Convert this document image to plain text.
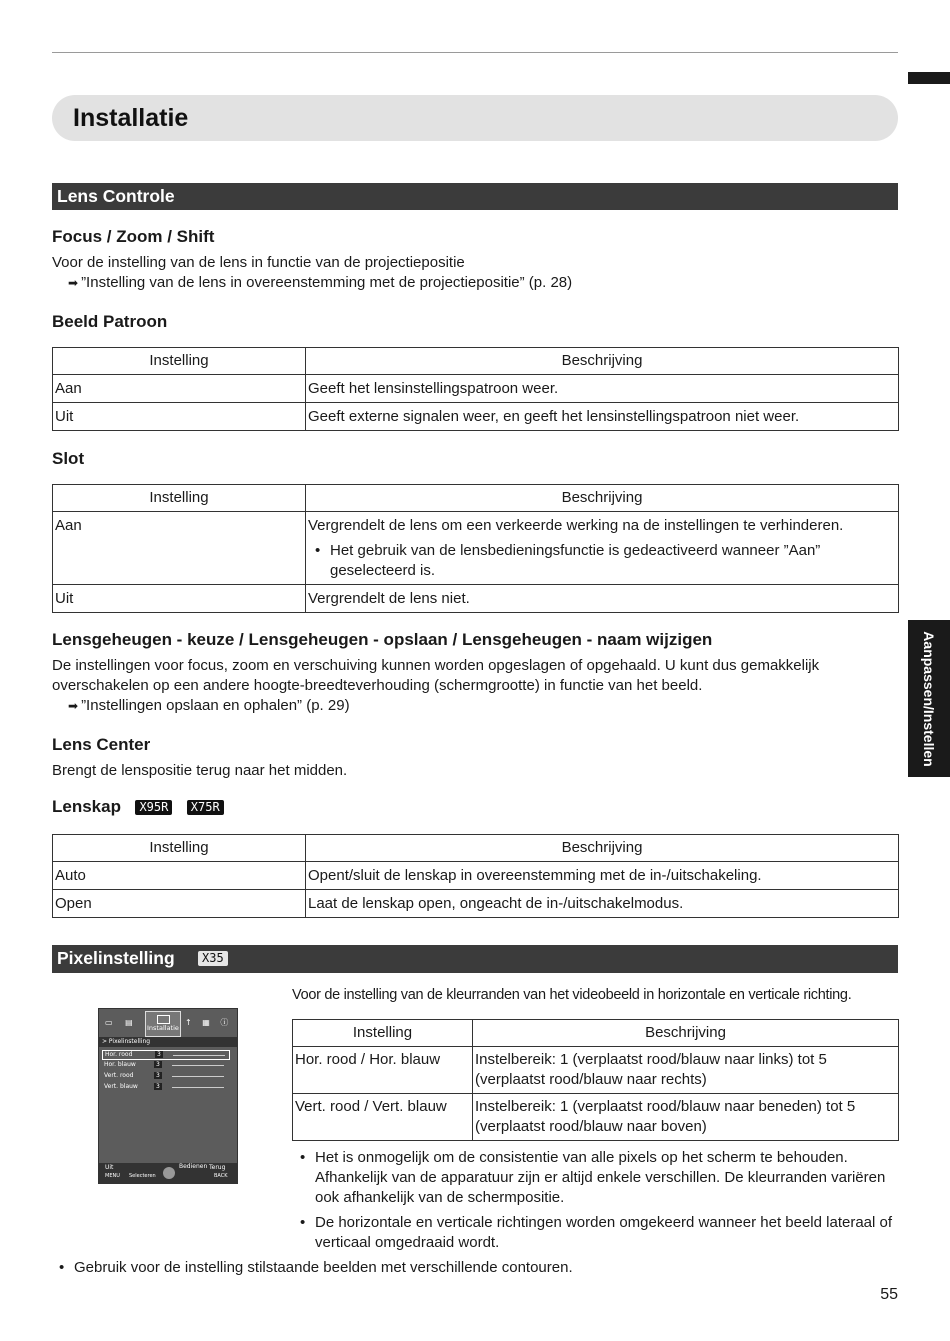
Installatie
Lens Controle
Focus / Zoom / Shift
Voor de instelling van de lens in functie van de projectiepositie
➡ ”Instelling van de lens in overeenstemming met de projectiepositie” (p. 28)
Beeld Patroon
Instelling	Beschrijving
Aan	Geeft het lensinstellingspatroon weer.
Uit	Geeft externe signalen weer, en geeft het lensinstellingspatroon niet weer.
Slot
Instelling	Beschrijving
Aan	Vergrendelt de lens om een verkeerde werking na de instellingen te verhinderen.
• Het gebruik van de lensbedieningsfunctie is gedeactiveerd wanneer ”Aan” geselecteerd is.

Uit	Vergrendelt de lens niet.
Lensgeheugen - keuze / Lensgeheugen - opslaan / Lensgeheugen - naam wijzigen
De instellingen voor focus, zoom en verschuiving kunnen worden opgeslagen of opgehaald. U kunt dus gemakkelijk overschakelen op een andere hoogte-breedteverhouding (schermgrootte) in functie van het beeld.
➡ ”Instellingen opslaan en ophalen” (p. 29)
Lens Center
Brengt de lenspositie terug naar het midden.
Lenskap X95R X75R
Instelling	Beschrijving
Auto	Opent/sluit de lenskap in overeenstemming met de in-/uitschakeling.
Open	Laat de lenskap open, ongeacht de in-/uitschakelmodus.
Pixelinstelling	X35
▭ ▤
Installatie
↑ ▦ ⓘ
> Pixelinstelling
Hor. rood	3
Hor. blauw	3
Vert. rood	3
Vert. blauw	3
Uit
MENU Selecteren
Bedienen Terug
BACK
Voor de instelling van de kleurranden van het videobeeld in horizontale en verticale richting.
Instelling	Beschrijving
Hor. rood / Hor. blauw	Instelbereik: 1 (verplaatst rood/blauw naar links) tot 5 (verplaatst rood/blauw naar rechts)
Vert. rood / Vert. blauw	Instelbereik: 1 (verplaatst rood/blauw naar beneden) tot 5 (verplaatst rood/blauw naar boven)
• Het is onmogelijk om de consistentie van alle pixels op het scherm te behouden. Afhankelijk van de apparatuur zijn er altijd enkele verschillen. De kleurranden variëren ook afhankelijk van de schermpositie.
• De horizontale en verticale richtingen worden omgekeerd wanneer het beeld lateraal of verticaal omgedraaid wordt.
• Gebruik voor de instelling stilstaande beelden met verschillende contouren.
Aanpassen/Instellen
55
